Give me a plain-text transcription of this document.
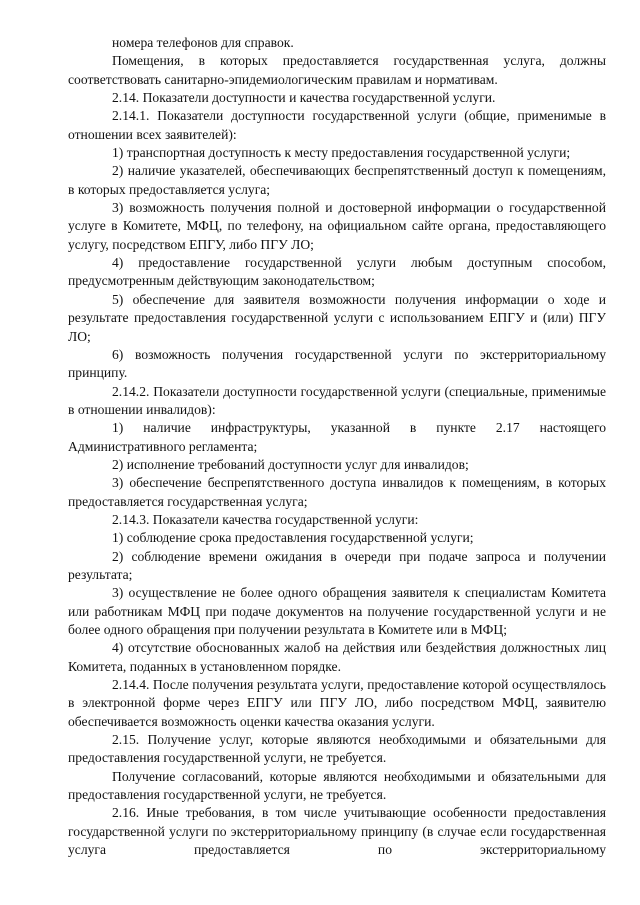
номера телефонов для справок.

Помещения, в которых предоставляется государственная услуга, должны соответствовать санитарно-эпидемиологическим правилам и нормативам.

2.14. Показатели доступности и качества государственной услуги.

2.14.1. Показатели доступности государственной услуги (общие, применимые в отношении всех заявителей):

1) транспортная доступность к месту предоставления государственной услуги;

2) наличие указателей, обеспечивающих беспрепятственный доступ к помещениям, в которых предоставляется услуга;

3) возможность получения полной и достоверной информации о государственной услуге в Комитете, МФЦ, по телефону, на официальном сайте органа, предоставляющего услугу, посредством ЕПГУ, либо ПГУ ЛО;

4) предоставление государственной услуги любым доступным способом, предусмотренным действующим законодательством;

5) обеспечение для заявителя возможности получения информации о ходе и результате предоставления государственной услуги с использованием ЕПГУ и (или) ПГУ ЛО;

6) возможность получения государственной услуги по экстерриториальному принципу.

2.14.2. Показатели доступности государственной услуги (специальные, применимые в отношении инвалидов):

1) наличие инфраструктуры, указанной в пункте 2.17 настоящего Административного регламента;

2) исполнение требований доступности услуг для инвалидов;

3) обеспечение беспрепятственного доступа инвалидов к помещениям, в которых предоставляется государственная услуга;

2.14.3. Показатели качества государственной услуги:

1) соблюдение срока предоставления государственной услуги;

2) соблюдение времени ожидания в очереди при подаче запроса и получении результата;

3) осуществление не более одного обращения заявителя к специалистам Комитета или работникам МФЦ при подаче документов на получение государственной услуги и не более одного обращения при получении результата в Комитете или в МФЦ;

4) отсутствие обоснованных жалоб на действия или бездействия должностных лиц Комитета, поданных в установленном порядке.

2.14.4. После получения результата услуги, предоставление которой осуществлялось в электронной форме через ЕПГУ или ПГУ ЛО, либо посредством МФЦ, заявителю обеспечивается возможность оценки качества оказания услуги.

2.15. Получение услуг, которые являются необходимыми и обязательными для предоставления государственной услуги, не требуется.

Получение согласований, которые являются необходимыми и обязательными для предоставления государственной услуги, не требуется.

2.16. Иные требования, в том числе учитывающие особенности предоставления государственной услуги по экстерриториальному принципу (в случае если государственная услуга предоставляется по экстерриториальному
